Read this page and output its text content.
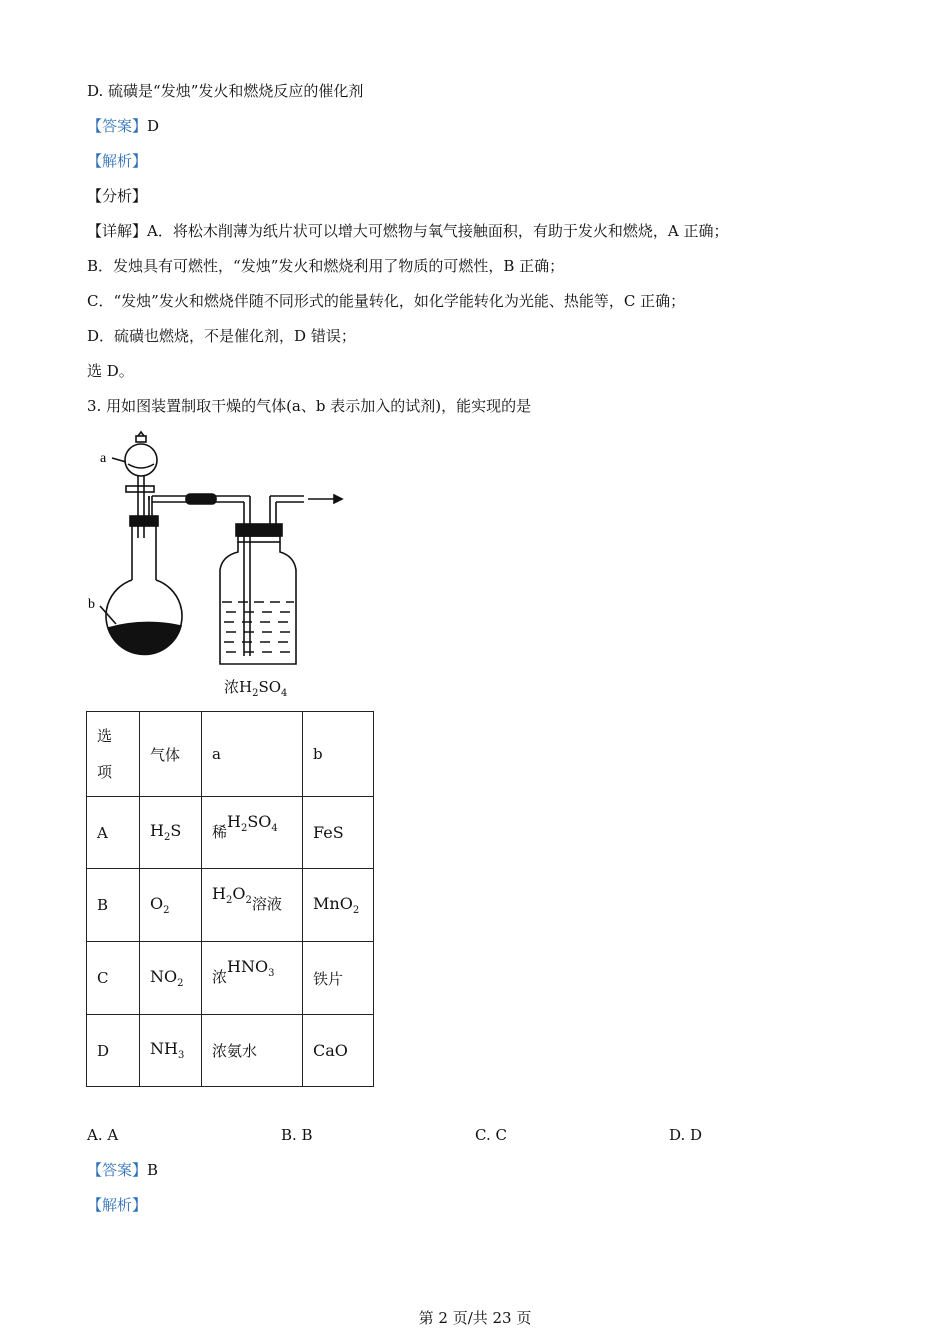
D. 硫磺是“发烛”发火和燃烧反应的催化剂
【答案】D
【解析】
【分析】
【详解】A．将松木削薄为纸片状可以增大可燃物与氧气接触面积，有助于发火和燃烧，A 正确；
B．发烛具有可燃性，“发烛”发火和燃烧利用了物质的可燃性，B 正确；
C．“发烛”发火和燃烧伴随不同形式的能量转化，如化学能转化为光能、热能等，C 正确；
D．硫磺也燃烧，不是催化剂，D 错误；
选 D。
3. 用如图装置制取干燥的气体(a、b 表示加入的试剂)，能实现的是
a
b
浓$H_2SO_4$
选
项	气体	a	b
A	$H_2S$	稀$H_2SO_4$	FeS
B	$O_2$	$H_2O_2$溶液	MnO$_2$
C	$NO_2$	浓$HNO_3$	铁片
D	$NH_3$	浓氨水	CaO
A. A	B. B	C. C	D. D
【答案】B
【解析】
第 2 页/共 23 页
